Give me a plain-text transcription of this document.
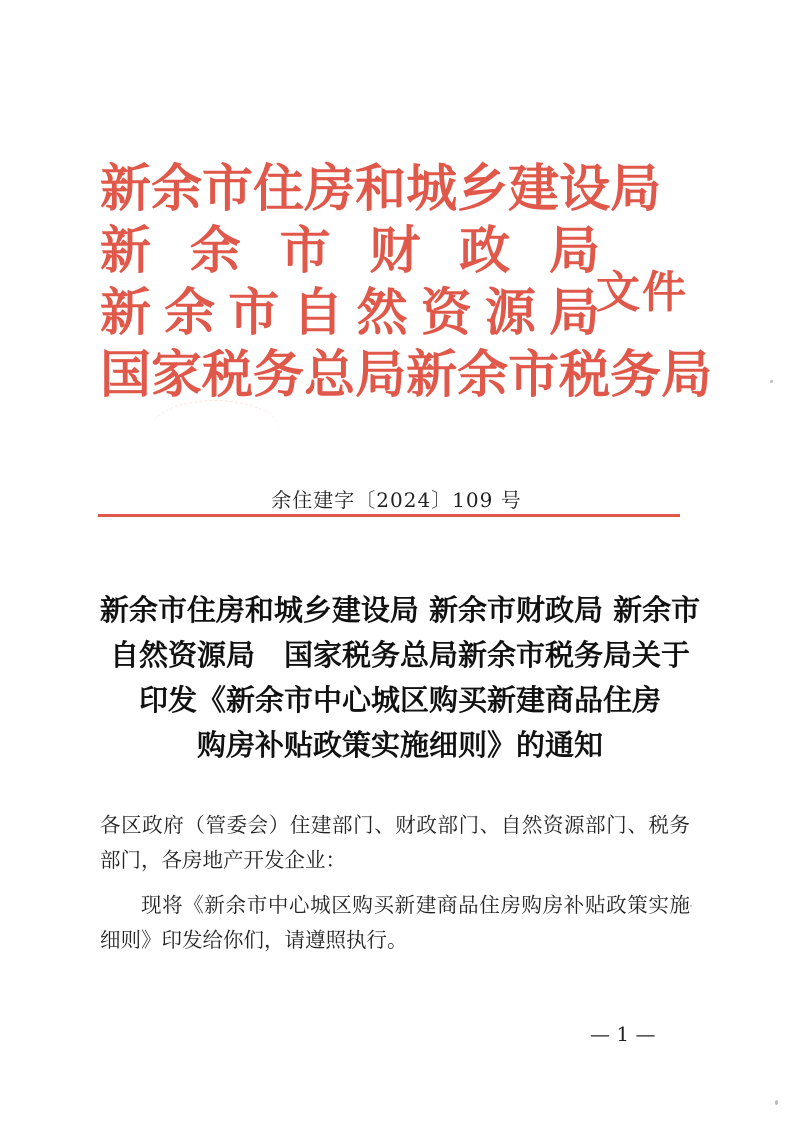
新 余 市 住 房 和 城 乡 建 设 局
新 余 市 财 政 局
新 余 市 自 然 资 源 局
国 家 税 务 总 局 新 余 市 税 务 局
文件
余住建字〔2024〕109 号
新余市住房和城乡建设局 新余市财政局 新余市
自然资源局　国家税务总局新余市税务局关于
印发《新余市中心城区购买新建商品住房
购房补贴政策实施细则》的通知

各区政府（管委会）住建部门、财政部门、自然资源部门、税务部门，各房地产开发企业：

现将《新余市中心城区购买新建商品住房购房补贴政策实施细则》印发给你们，请遵照执行。

— 1 —
